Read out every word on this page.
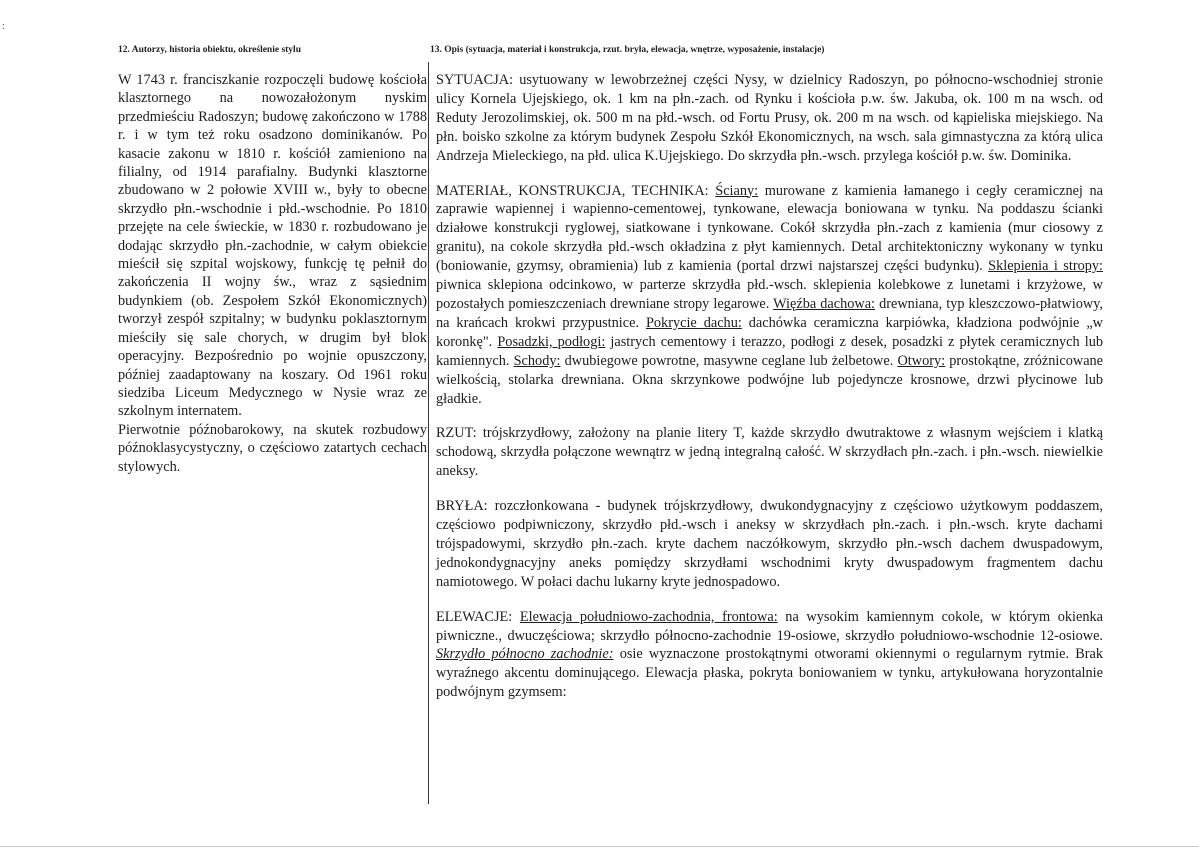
:
12. Autorzy, historia obiektu, określenie stylu	13. Opis (sytuacja, materiał i konstrukcja, rzut. bryła, elewacja, wnętrze, wyposażenie, instalacje)

W 1743 r. franciszkanie rozpoczęli budowę kościoła klasztornego na nowozałożonym nyskim przedmieściu Radoszyn; budowę zakończono w 1788 r. i w tym też roku osadzono dominikanów. Po kasacie zakonu w 1810 r. kościół zamieniono na filialny, od 1914 parafialny. Budynki klasztorne zbudowano w 2 połowie XVIII w., były to obecne skrzydło płn.-wschodnie i płd.-wschodnie. Po 1810 przejęte na cele świeckie, w 1830 r. rozbudowano je dodając skrzydło płn.-zachodnie, w całym obiekcie mieścił się szpital wojskowy, funkcję tę pełnił do zakończenia II wojny św., wraz z sąsiednim budynkiem (ob. Zespołem Szkół Ekonomicznych) tworzył zespół szpitalny; w budynku poklasztornym mieściły się sale chorych, w drugim był blok operacyjny. Bezpośrednio po wojnie opuszczony, później zaadaptowany na koszary. Od 1961 roku siedziba Liceum Medycznego w Nysie wraz ze szkolnym internatem.

Pierwotnie późnobarokowy, na skutek rozbudowy późnoklasycystyczny, o częściowo zatartych cechach stylowych.

SYTUACJA: usytuowany w lewobrzeżnej części Nysy, w dzielnicy Radoszyn, po północno-wschodniej stronie ulicy Kornela Ujejskiego, ok. 1 km na płn.-zach. od Rynku i kościoła p.w. św. Jakuba, ok. 100 m na wsch. od Reduty Jerozolimskiej, ok. 500 m na płd.-wsch. od Fortu Prusy, ok. 200 m na wsch. od kąpieliska miejskiego. Na płn. boisko szkolne za którym budynek Zespołu Szkół Ekonomicznych, na wsch. sala gimnastyczna za którą ulica Andrzeja Mieleckiego, na płd. ulica K.Ujejskiego. Do skrzydła płn.-wsch. przylega kościół p.w. św. Dominika.

MATERIAŁ, KONSTRUKCJA, TECHNIKA: Ściany: murowane z kamienia łamanego i cegły ceramicznej na zaprawie wapiennej i wapienno-cementowej, tynkowane, elewacja boniowana w tynku. Na poddaszu ścianki działowe konstrukcji ryglowej, siatkowane i tynkowane. Cokół skrzydła płn.-zach z kamienia (mur ciosowy z granitu), na cokole skrzydła płd.-wsch okładzina z płyt kamiennych. Detal architektoniczny wykonany w tynku (boniowanie, gzymsy, obramienia) lub z kamienia (portal drzwi najstarszej części budynku). Sklepienia i stropy: piwnica sklepiona odcinkowo, w parterze skrzydła płd.-wsch. sklepienia kolebkowe z lunetami i krzyżowe, w pozostałych pomieszczeniach drewniane stropy legarowe. Więźba dachowa: drewniana, typ kleszczowo-płatwiowy, na krańcach krokwi przypustnice. Pokrycie dachu: dachówka ceramiczna karpiówka, kładziona podwójnie „w koronkę". Posadzki, podłogi: jastrych cementowy i terazzo, podłogi z desek, posadzki z płytek ceramicznych lub kamiennych. Schody: dwubiegowe powrotne, masywne ceglane lub żelbetowe. Otwory: prostokątne, zróżnicowane wielkością, stolarka drewniana. Okna skrzynkowe podwójne lub pojedyncze krosnowe, drzwi płycinowe lub gładkie.

RZUT: trójskrzydłowy, założony na planie litery T, każde skrzydło dwutraktowe z własnym wejściem i klatką schodową, skrzydła połączone wewnątrz w jedną integralną całość. W skrzydłach płn.-zach. i płn.-wsch. niewielkie aneksy.

BRYŁA: rozczłonkowana - budynek trójskrzydłowy, dwukondygnacyjny z częściowo użytkowym poddaszem, częściowo podpiwniczony, skrzydło płd.-wsch i aneksy w skrzydłach płn.-zach. i płn.-wsch. kryte dachami trójspadowymi, skrzydło płn.-zach. kryte dachem naczółkowym, skrzydło płn.-wsch dachem dwuspadowym, jednokondygnacyjny aneks pomiędzy skrzydłami wschodnimi kryty dwuspadowym fragmentem dachu namiotowego. W połaci dachu lukarny kryte jednospadowo.

ELEWACJE: Elewacja południowo-zachodnia, frontowa: na wysokim kamiennym cokole, w którym okienka piwniczne., dwuczęściowa; skrzydło północno-zachodnie 19-osiowe, skrzydło południowo-wschodnie 12-osiowe. Skrzydło północno zachodnie: osie wyznaczone prostokątnymi otworami okiennymi o regularnym rytmie. Brak wyraźnego akcentu dominującego. Elewacja płaska, pokryta boniowaniem w tynku, artykułowana horyzontalnie podwójnym gzymsem:
